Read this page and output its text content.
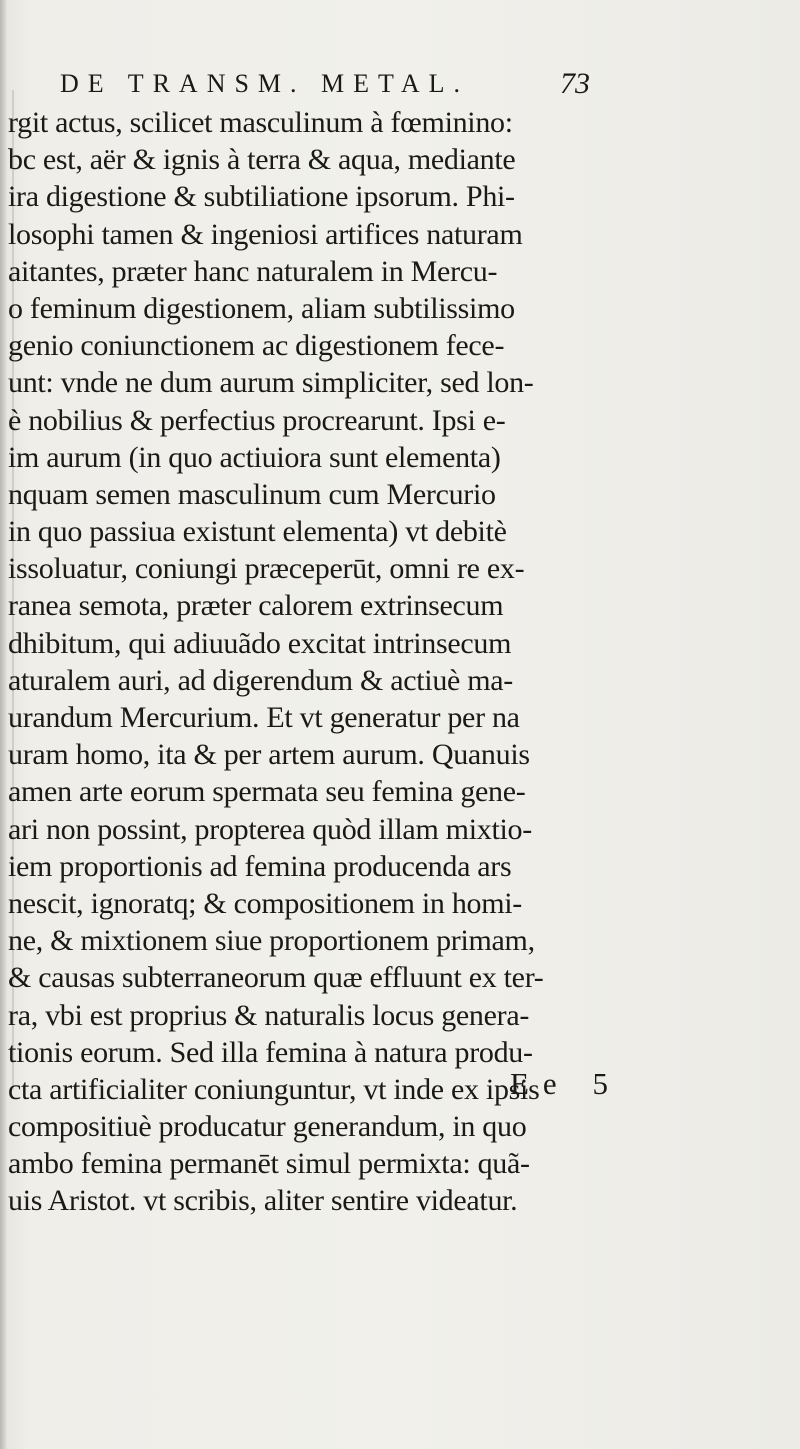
DE TRANSM. METAL.	73
rgit actus, scilicet masculinum à fœminino:
bc est, aër & ignis à terra & aqua, mediante
ira digestione & subtiliatione ipsorum. Phi-
losophi tamen & ingeniosi artifices naturam
aitantes, præter hanc naturalem in Mercu-
o feminum digestionem, aliam subtilissimo
genio coniunctionem ac digestionem fece-
unt: vnde ne dum aurum simpliciter, sed lon-
è nobilius & perfectius procrearunt. Ipsi e-
im aurum (in quo actiuiora sunt elementa)
nquam semen masculinum cum Mercurio
in quo passiua existunt elementa) vt debitè
issoluatur, coniungi præceperūt, omni re ex-
ranea semota, præter calorem extrinsecum
dhibitum, qui adiuuãdo excitat intrinsecum
aturalem auri, ad digerendum & actiuè ma-
urandum Mercurium. Et vt generatur per na
uram homo, ita & per artem aurum. Quanuis
amen arte eorum spermata seu femina gene-
ari non possint, propterea quòd illam mixtio-
iem proportionis ad femina producenda ars
nescit, ignoratq; & compositionem in homi-
ne, & mixtionem siue proportionem primam,
& causas subterraneorum quæ effluunt ex ter-
ra, vbi est proprius & naturalis locus genera-
tionis eorum. Sed illa femina à natura produ-
cta artificialiter coniunguntur, vt inde ex ipsis
compositiuè producatur generandum, in quo
ambo femina permanēt simul permixta: quã-
uis Aristot. vt scribis, aliter sentire videatur.
Ee 5
